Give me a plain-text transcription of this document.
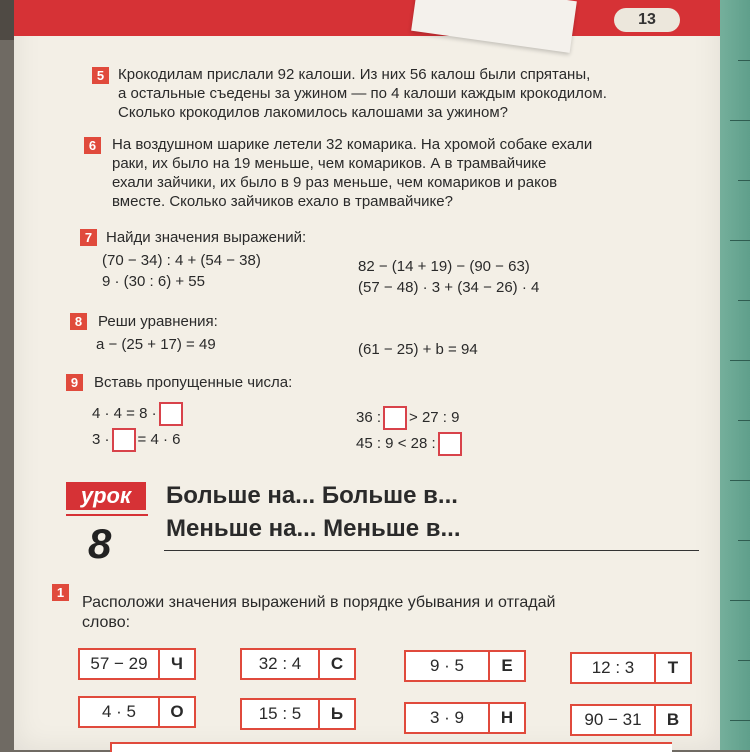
13
5 Крокодилам прислали 92 калоши. Из них 56 калош были спрятаны,
а остальные съедены за ужином — по 4 калоши каждым крокодилом.
Сколько крокодилов лакомилось калошами за ужином?
6	На воздушном шарике летели 32 комарика. На хромой собаке ехали
раки, их было на 19 меньше, чем комариков. А в трамвайчике
ехали зайчики, их было в 9 раз меньше, чем комариков и раков
вместе. Сколько зайчиков ехало в трамвайчике?
7 Найди значения выражений:
(70 − 34) : 4 + (54 − 38)
9 · (30 : 6) + 55
82 − (14 + 19) − (90 − 63)
(57 − 48) · 3 + (34 − 26) · 4
8	Реши уравнения:
a − (25 + 17) = 49	(61 − 25) + b = 94
9	Вставь пропущенные числа:
4 · 4 = 8 ·
3 · = 4 · 6
36 : > 27 : 9
45 : 9 < 28 :
урок
8
Больше на... Больше в...
Меньше на... Меньше в...
1
Расположи значения выражений в порядке убывания и отгадай
слово:
57 − 29	Ч	32 : 4	С	9 · 5	Е	12 : 3	Т
4 · 5	О	15 : 5	Ь	3 · 9	Н	90 − 31	В
